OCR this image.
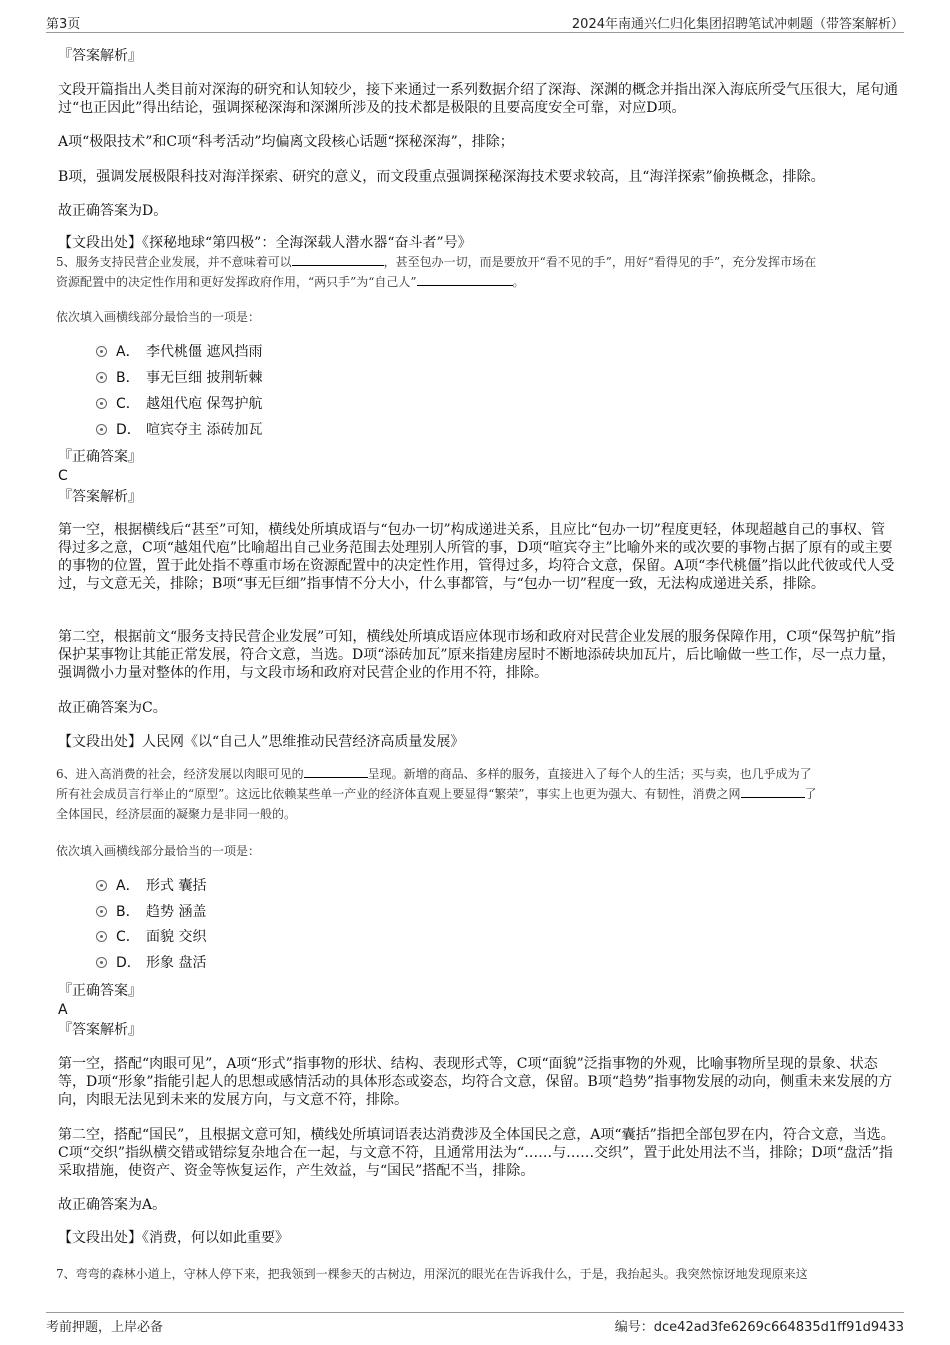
第3页	2024年南通兴仁归化集团招聘笔试冲刺题（带答案解析）
『答案解析』
文段开篇指出人类目前对深海的研究和认知较少，接下来通过一系列数据介绍了深海、深渊的概念并指出深入海底所受气压很大，尾句通过“也正因此”得出结论，强调探秘深海和深渊所涉及的技术都是极限的且要高度安全可靠，对应D项。
A项“极限技术”和C项“科考活动”均偏离文段核心话题“探秘深海”，排除；
B项，强调发展极限科技对海洋探索、研究的意义，而文段重点强调探秘深海技术要求较高，且“海洋探索”偷换概念，排除。
故正确答案为D。
【文段出处】《探秘地球“第四极”：全海深载人潜水器“奋斗者”号》
5、服务支持民营企业发展，并不意味着可以	，甚至包办一切，而是要放开“看不见的手”，用好“看得见的手”，充分发挥市场在
资源配置中的决定性作用和更好发挥政府作用，“两只手”为“自己人”	。
依次填入画横线部分最恰当的一项是：
A． 李代桃僵 遮风挡雨
B． 事无巨细 披荆斩棘
C． 越俎代庖 保驾护航
D． 喧宾夺主 添砖加瓦
『正确答案』
C
『答案解析』
第一空，根据横线后“甚至”可知，横线处所填成语与“包办一切”构成递进关系，且应比“包办一切”程度更轻，体现超越自己的事权、管得过多之意，C项“越俎代庖”比喻超出自己业务范围去处理别人所管的事，D项“喧宾夺主”比喻外来的或次要的事物占据了原有的或主要的事物的位置，置于此处指不尊重市场在资源配置中的决定性作用，管得过多，均符合文意，保留。A项“李代桃僵”指以此代彼或代人受过，与文意无关，排除；B项“事无巨细”指事情不分大小，什么事都管，与“包办一切”程度一致，无法构成递进关系，排除。
第二空，根据前文“服务支持民营企业发展”可知，横线处所填成语应体现市场和政府对民营企业发展的服务保障作用，C项“保驾护航”指保护某事物让其能正常发展，符合文意，当选。D项“添砖加瓦”原来指建房屋时不断地添砖块加瓦片，后比喻做一些工作，尽一点力量，强调微小力量对整体的作用，与文段市场和政府对民营企业的作用不符，排除。
故正确答案为C。
【文段出处】人民网《以“自己人”思维推动民营经济高质量发展》
6、进入高消费的社会，经济发展以肉眼可见的	呈现。新增的商品、多样的服务，直接进入了每个人的生活；买与卖，也几乎成为了
所有社会成员言行举止的“原型”。这远比依赖某些单一产业的经济体直观上要显得“繁荣”，事实上也更为强大、有韧性，消费之网	了
全体国民，经济层面的凝聚力是非同一般的。
依次填入画横线部分最恰当的一项是：
A． 形式 囊括
B． 趋势 涵盖
C． 面貌 交织
D． 形象 盘活
『正确答案』
A
『答案解析』
第一空，搭配“肉眼可见”，A项“形式”指事物的形状、结构、表现形式等，C项“面貌”泛指事物的外观，比喻事物所呈现的景象、状态等，D项“形象”指能引起人的思想或感情活动的具体形态或姿态，均符合文意，保留。B项“趋势”指事物发展的动向，侧重未来发展的方向，肉眼无法见到未来的发展方向，与文意不符，排除。
第二空，搭配“国民”，且根据文意可知，横线处所填词语表达消费涉及全体国民之意，A项“囊括”指把全部包罗在内，符合文意，当选。C项“交织”指纵横交错或错综复杂地合在一起，与文意不符，且通常用法为“……与……交织”，置于此处用法不当，排除；D项“盘活”指采取措施，使资产、资金等恢复运作，产生效益，与“国民”搭配不当，排除。
故正确答案为A。
【文段出处】《消费，何以如此重要》
7、弯弯的森林小道上，守林人停下来，把我领到一棵参天的古树边，用深沉的眼光在告诉我什么，于是，我抬起头。我突然惊讶地发现原来这
考前押题，上岸必备	编号：dce42ad3fe6269c664835d1ff91d9433
